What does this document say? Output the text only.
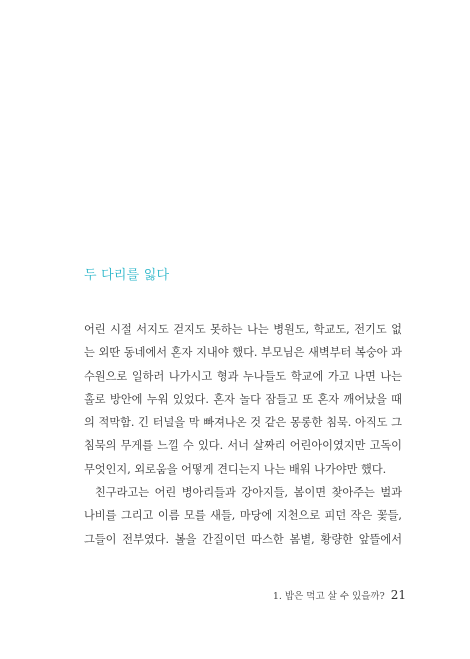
두 다리를 잃다

어린 시절 서지도 걷지도 못하는 나는 병원도, 학교도, 전기도 없
는 외딴 동네에서 혼자 지내야 했다. 부모님은 새벽부터 복숭아 과
수원으로 일하러 나가시고 형과 누나들도 학교에 가고 나면 나는
홀로 방안에 누워 있었다. 혼자 놀다 잠들고 또 혼자 깨어났을 때
의 적막함. 긴 터널을 막 빠져나온 것 같은 몽롱한 침묵. 아직도 그
침묵의 무게를 느낄 수 있다. 서너 살짜리 어린아이였지만 고독이
무엇인지, 외로움을 어떻게 견디는지 나는 배워 나가야만 했다.

친구라고는 어린 병아리들과 강아지들, 봄이면 찾아주는 벌과
나비를 그리고 이름 모를 새들, 마당에 지천으로 피던 작은 꽃들,
그들이 전부였다. 볼을 간질이던 따스한 봄볕, 황량한 앞뜰에서

1. 밥은 먹고 살 수 있을까? 21
